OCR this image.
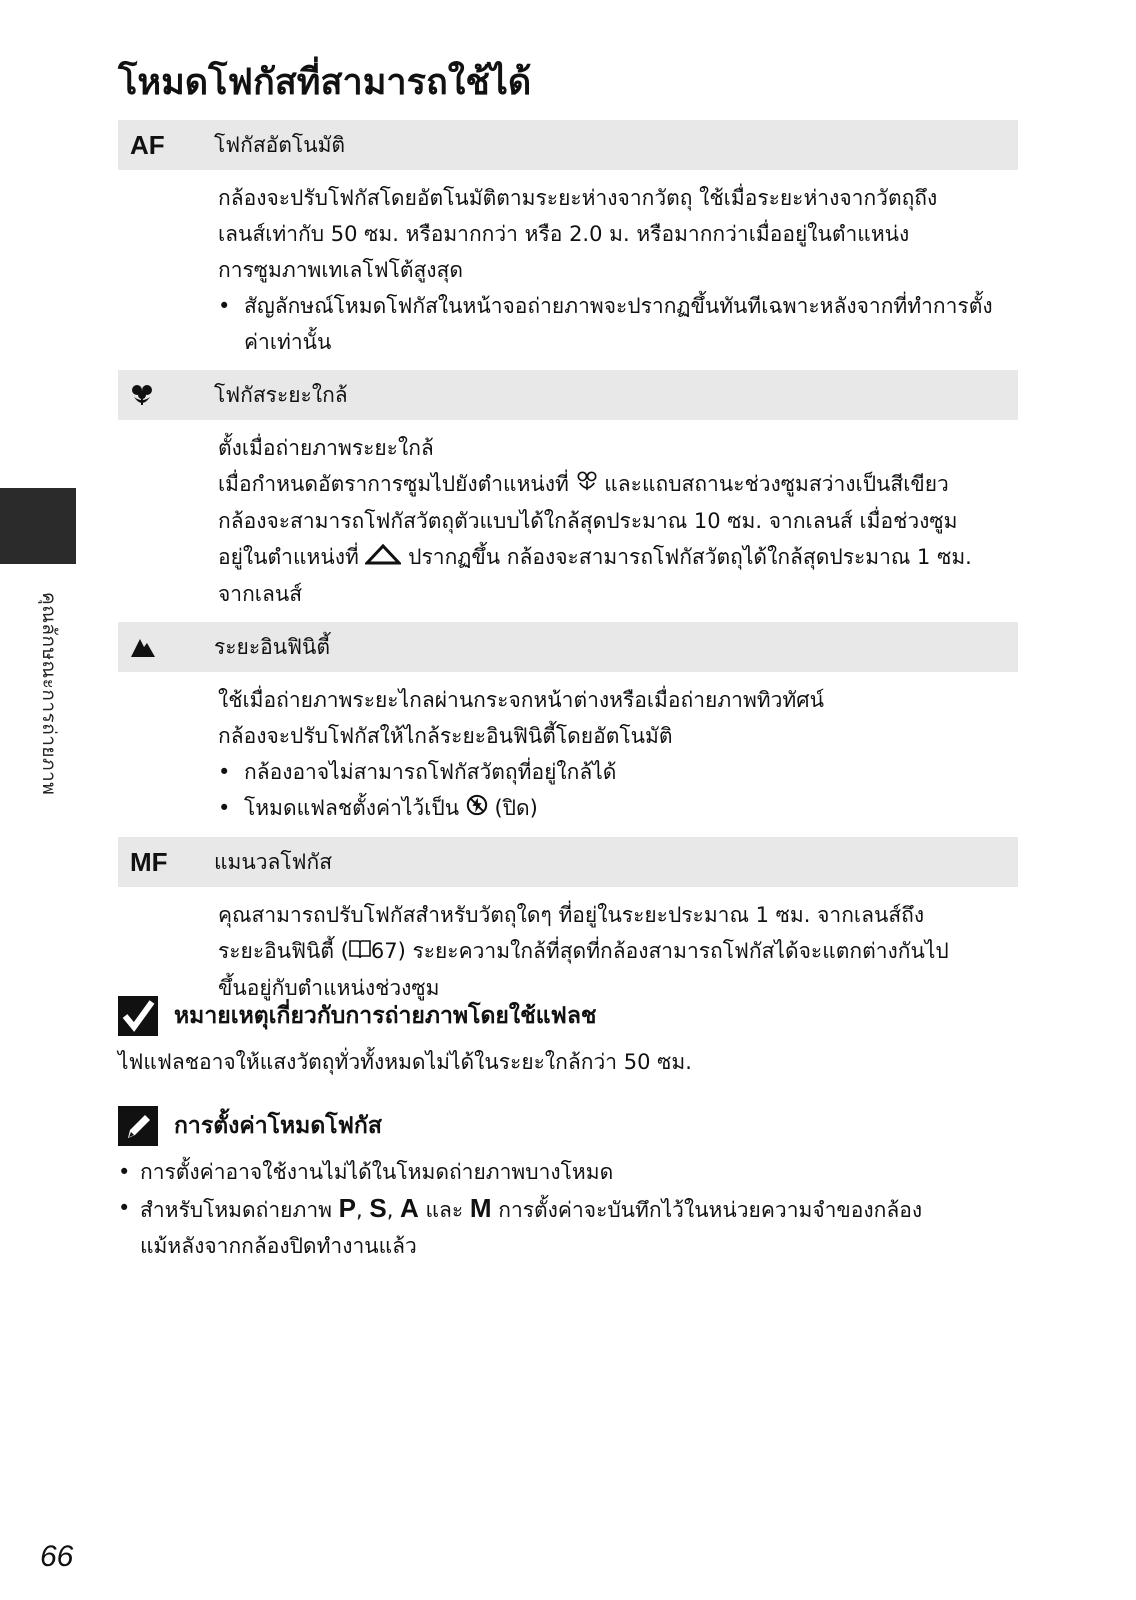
โหมดโฟกัสที่สามารถใช้ได้
คุณลักษณะการถ่ายภาพ
AF	โฟกัสอัตโนมัติ

กล้องจะปรับโฟกัสโดยอัตโนมัติตามระยะห่างจากวัตถุ ใช้เมื่อระยะห่างจากวัตถุถึง

เลนส์เท่ากับ 50 ซม. หรือมากกว่า หรือ 2.0 ม. หรือมากกว่าเมื่ออยู่ในตำแหน่ง

การซูมภาพเทเลโฟโต้สูงสุด

• สัญลักษณ์โหมดโฟกัสในหน้าจอถ่ายภาพจะปรากฏขึ้นทันทีเฉพาะหลังจากที่ทำการตั้งค่าเท่านั้น
โฟกัสระยะใกล้

ตั้งเมื่อถ่ายภาพระยะใกล้

เมื่อกำหนดอัตราการซูมไปยังตำแหน่งที่ และแถบสถานะช่วงซูมสว่างเป็นสีเขียว

กล้องจะสามารถโฟกัสวัตถุตัวแบบได้ใกล้สุดประมาณ 10 ซม. จากเลนส์ เมื่อช่วงซูม

อยู่ในตำแหน่งที่ ปรากฏขึ้น กล้องจะสามารถโฟกัสวัตถุได้ใกล้สุดประมาณ 1 ซม.

จากเลนส์

ระยะอินฟินิตี้

ใช้เมื่อถ่ายภาพระยะไกลผ่านกระจกหน้าต่างหรือเมื่อถ่ายภาพทิวทัศน์

กล้องจะปรับโฟกัสให้ไกล้ระยะอินฟินิตี้โดยอัตโนมัติ

• กล้องอาจไม่สามารถโฟกัสวัตถุที่อยู่ใกล้ได้
• โหมดแฟลชตั้งค่าไว้เป็น (ปิด)
MF	แมนวลโฟกัส

คุณสามารถปรับโฟกัสสำหรับวัตถุใดๆ ที่อยู่ในระยะประมาณ 1 ซม. จากเลนส์ถึง

ระยะอินฟินิตี้ ( 67) ระยะความใกล้ที่สุดที่กล้องสามารถโฟกัสได้จะแตกต่างกันไป

ขึ้นอยู่กับตำแหน่งช่วงซูม

หมายเหตุเกี่ยวกับการถ่ายภาพโดยใช้แฟลช

ไฟแฟลชอาจให้แสงวัตถุทั่วทั้งหมดไม่ได้ในระยะใกล้กว่า 50 ซม.

การตั้งค่าโหมดโฟกัส
• การตั้งค่าอาจใช้งานไม่ได้ในโหมดถ่ายภาพบางโหมด
• สำหรับโหมดถ่ายภาพ P, S, A และ M การตั้งค่าจะบันทึกไว้ในหน่วยความจำของกล้อง
แม้หลังจากกล้องปิดทำงานแล้ว
66
